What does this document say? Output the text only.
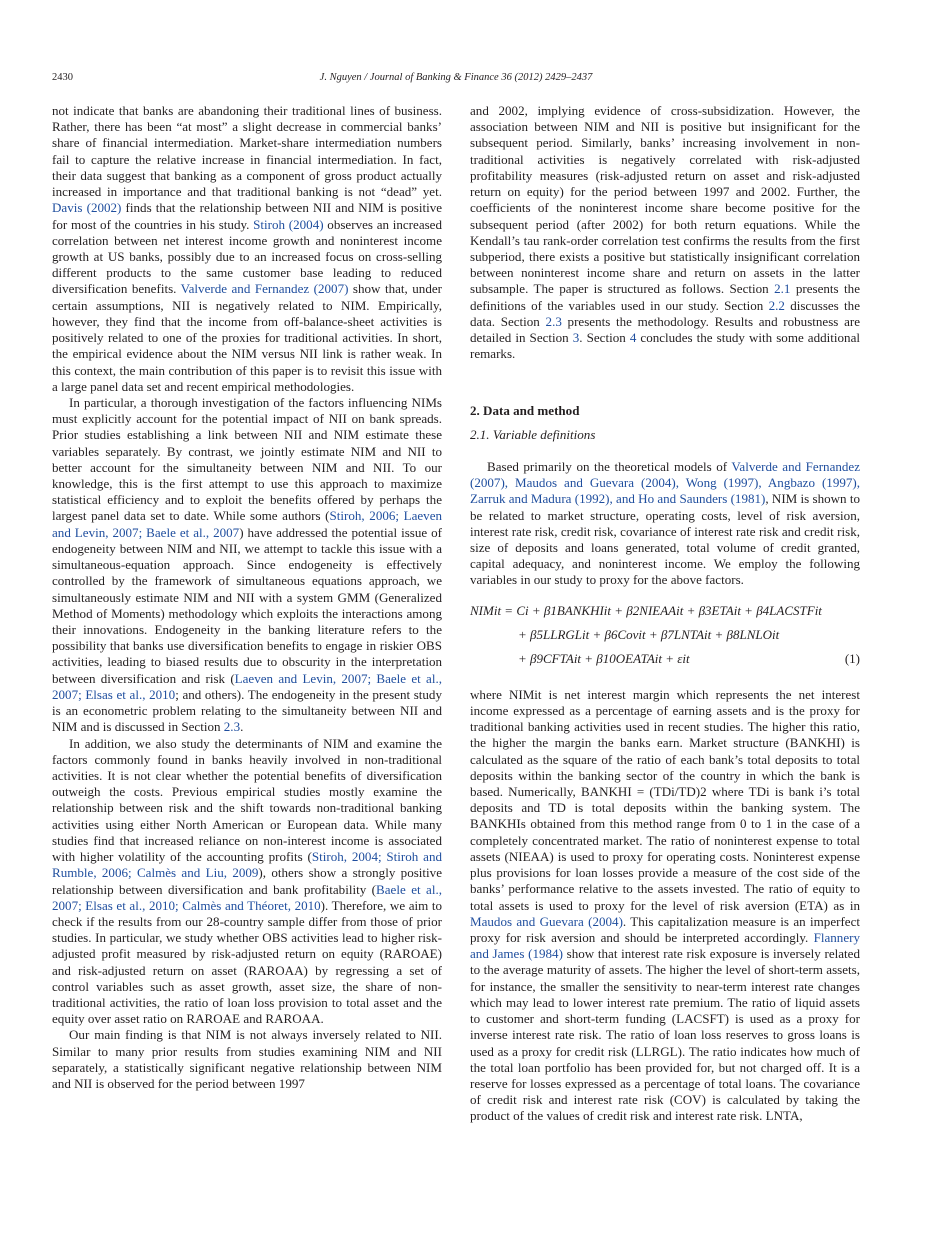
2430	J. Nguyen / Journal of Banking & Finance 36 (2012) 2429–2437

not indicate that banks are abandoning their traditional lines of business. Rather, there has been “at most” a slight decrease in commercial banks’ share of financial intermediation. Market-share intermediation numbers fail to capture the relative increase in financial intermediation. In fact, their data suggest that banking as a component of gross product actually increased in importance and that traditional banking is not “dead” yet. Davis (2002) finds that the relationship between NII and NIM is positive for most of the countries in his study. Stiroh (2004) observes an increased correlation between net interest income growth and noninterest income growth at US banks, possibly due to an increased focus on cross-selling different products to the same customer base leading to reduced diversification benefits. Valverde and Fernandez (2007) show that, under certain assumptions, NII is negatively related to NIM. Empirically, however, they find that the income from off-balance-sheet activities is positively related to one of the proxies for traditional activities. In short, the empirical evidence about the NIM versus NII link is rather weak. In this context, the main contribution of this paper is to revisit this issue with a large panel data set and recent empirical methodologies.

In particular, a thorough investigation of the factors influencing NIMs must explicitly account for the potential impact of NII on bank spreads. Prior studies establishing a link between NII and NIM estimate these variables separately. By contrast, we jointly estimate NIM and NII to better account for the simultaneity between NIM and NII. To our knowledge, this is the first attempt to use this approach to maximize statistical efficiency and to exploit the benefits offered by perhaps the largest panel data set to date. While some authors (Stiroh, 2006; Laeven and Levin, 2007; Baele et al., 2007) have addressed the potential issue of endogeneity between NIM and NII, we attempt to tackle this issue with a simultaneous-equation approach. Since endogeneity is effectively controlled by the framework of simultaneous equations approach, we simultaneously estimate NIM and NII with a system GMM (Generalized Method of Moments) methodology which exploits the interactions among their innovations. Endogeneity in the banking literature refers to the possibility that banks use diversification benefits to engage in riskier OBS activities, leading to biased results due to obscurity in the interpretation between diversification and risk (Laeven and Levin, 2007; Baele et al., 2007; Elsas et al., 2010; and others). The endogeneity in the present study is an econometric problem relating to the simultaneity between NII and NIM and is discussed in Section 2.3.

In addition, we also study the determinants of NIM and examine the factors commonly found in banks heavily involved in non-traditional activities. It is not clear whether the potential benefits of diversification outweigh the costs. Previous empirical studies mostly examine the relationship between risk and the shift towards non-traditional banking activities using either North American or European data. While many studies find that increased reliance on non-interest income is associated with higher volatility of the accounting profits (Stiroh, 2004; Stiroh and Rumble, 2006; Calmès and Liu, 2009), others show a strongly positive relationship between diversification and bank profitability (Baele et al., 2007; Elsas et al., 2010; Calmès and Théoret, 2010). Therefore, we aim to check if the results from our 28-country sample differ from those of prior studies. In particular, we study whether OBS activities lead to higher risk-adjusted profit measured by risk-adjusted return on equity (RAROAE) and risk-adjusted return on asset (RAROAA) by regressing a set of control variables such as asset growth, asset size, the share of non-traditional activities, the ratio of loan loss provision to total asset and the equity over asset ratio on RAROAE and RAROAA.

Our main finding is that NIM is not always inversely related to NII. Similar to many prior results from studies examining NIM and NII separately, a statistically significant negative relationship between NIM and NII is observed for the period between 1997

and 2002, implying evidence of cross-subsidization. However, the association between NIM and NII is positive but insignificant for the subsequent period. Similarly, banks’ increasing involvement in non-traditional activities is negatively correlated with risk-adjusted profitability measures (risk-adjusted return on asset and risk-adjusted return on equity) for the period between 1997 and 2002. Further, the coefficients of the noninterest income share become positive for the subsequent period (after 2002) for both return equations. While the Kendall’s tau rank-order correlation test confirms the results from the first subperiod, there exists a positive but statistically insignificant correlation between noninterest income share and return on assets in the latter subsample. The paper is structured as follows. Section 2.1 presents the definitions of the variables used in our study. Section 2.2 discusses the data. Section 2.3 presents the methodology. Results and robustness are detailed in Section 3. Section 4 concludes the study with some additional remarks.

2. Data and method
2.1. Variable definitions

Based primarily on the theoretical models of Valverde and Fernandez (2007), Maudos and Guevara (2004), Wong (1997), Angbazo (1997), Zarruk and Madura (1992), and Ho and Saunders (1981), NIM is shown to be related to market structure, operating costs, level of risk aversion, interest rate risk, credit risk, covariance of interest rate risk and credit risk, size of deposits and loans generated, total volume of credit granted, capital adequacy, and noninterest income. We employ the following variables in our study to proxy for the above factors.

NIMit = Ci + β1BANKHIit + β2NIEAAit + β3ETAit + β4LACSTFit
+ β5LLRGLit + β6Covit + β7LNTAit + β8LNLOit
+ β9CFTAit + β10OEATAit + εit	(1)

where NIMit is net interest margin which represents the net interest income expressed as a percentage of earning assets and is the proxy for traditional banking activities used in recent studies. The higher this ratio, the higher the margin the banks earn. Market structure (BANKHI) is calculated as the square of the ratio of each bank’s total deposits to total deposits within the banking sector of the country in which the bank is based. Numerically, BANKHI = (TDi/TD)2 where TDi is bank i’s total deposits and TD is total deposits within the banking system. The BANKHIs obtained from this method range from 0 to 1 in the case of a completely concentrated market. The ratio of noninterest expense to total assets (NIEAA) is used to proxy for operating costs. Noninterest expense plus provisions for loan losses provide a measure of the cost side of the banks’ performance relative to the assets invested. The ratio of equity to total assets is used to proxy for the level of risk aversion (ETA) as in Maudos and Guevara (2004). This capitalization measure is an imperfect proxy for risk aversion and should be interpreted accordingly. Flannery and James (1984) show that interest rate risk exposure is inversely related to the average maturity of assets. The higher the level of short-term assets, for instance, the smaller the sensitivity to near-term interest rate changes which may lead to lower interest rate premium. The ratio of liquid assets to customer and short-term funding (LACSFT) is used as a proxy for inverse interest rate risk. The ratio of loan loss reserves to gross loans is used as a proxy for credit risk (LLRGL). The ratio indicates how much of the total loan portfolio has been provided for, but not charged off. It is a reserve for losses expressed as a percentage of total loans. The covariance of credit risk and interest rate risk (COV) is calculated by taking the product of the values of credit risk and interest rate risk. LNTA,
